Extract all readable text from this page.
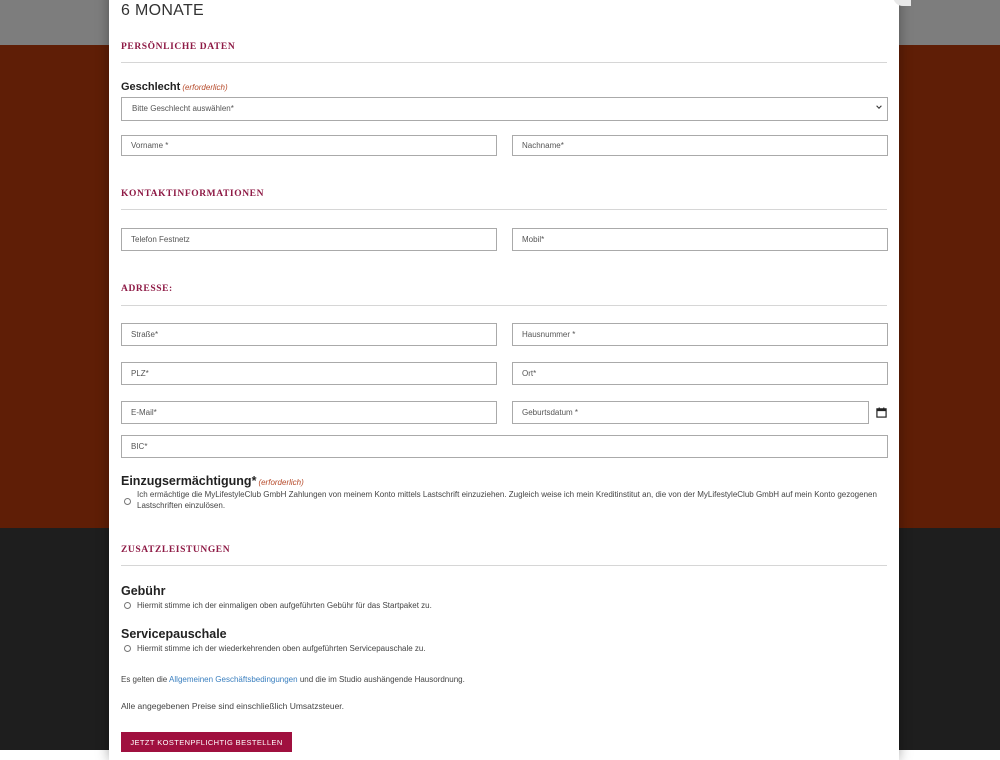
6 MONATE
PERSÖNLICHE DATEN
Geschlecht (erforderlich)
Bitte Geschlecht auswählen*
Vorname *
Nachname*
KONTAKTINFORMATIONEN
Telefon Festnetz
Mobil*
ADRESSE:
Straße*
Hausnummer *
PLZ*
Ort*
E-Mail*
Geburtsdatum *
BIC*
Einzugsermächtigung* (erforderlich)
Ich ermächtige die MyLifestyleClub GmbH Zahlungen von meinem Konto mittels Lastschrift einzuziehen. Zugleich weise ich mein Kreditinstitut an, die von der MyLifestyleClub GmbH auf mein Konto gezogenen Lastschriften einzulösen.
ZUSATZLEISTUNGEN
Gebühr
Hiermit stimme ich der einmaligen oben aufgeführten Gebühr für das Startpaket zu.
Servicepauschale
Hiermit stimme ich der wiederkehrenden oben aufgeführten Servicepauschale zu.
Es gelten die Allgemeinen Geschäftsbedingungen und die im Studio aushängende Hausordnung.
Alle angegebenen Preise sind einschließlich Umsatzsteuer.
JETZT KOSTENPFLICHTIG BESTELLEN
